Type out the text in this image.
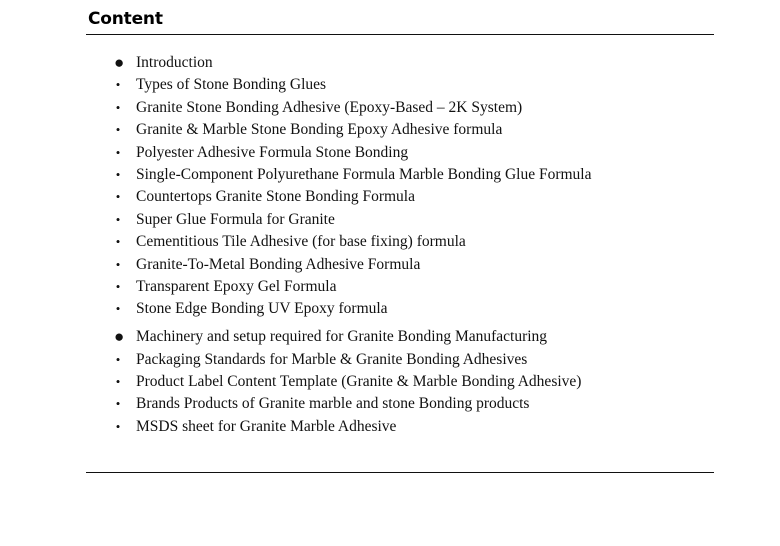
Content
● Introduction
• Types of Stone Bonding Glues
• Granite Stone Bonding Adhesive (Epoxy-Based – 2K System)
• Granite & Marble Stone Bonding Epoxy Adhesive formula
• Polyester Adhesive Formula Stone Bonding
• Single-Component Polyurethane Formula Marble Bonding Glue Formula
• Countertops Granite Stone Bonding Formula
• Super Glue Formula for Granite
• Cementitious Tile Adhesive (for base fixing) formula
• Granite-To-Metal Bonding Adhesive Formula
• Transparent Epoxy Gel Formula
• Stone Edge Bonding UV Epoxy formula
● Machinery and setup required for Granite Bonding Manufacturing
• Packaging Standards for Marble & Granite Bonding Adhesives
• Product Label Content Template (Granite & Marble Bonding Adhesive)
• Brands Products of Granite marble and stone Bonding products
• MSDS sheet for Granite Marble Adhesive
